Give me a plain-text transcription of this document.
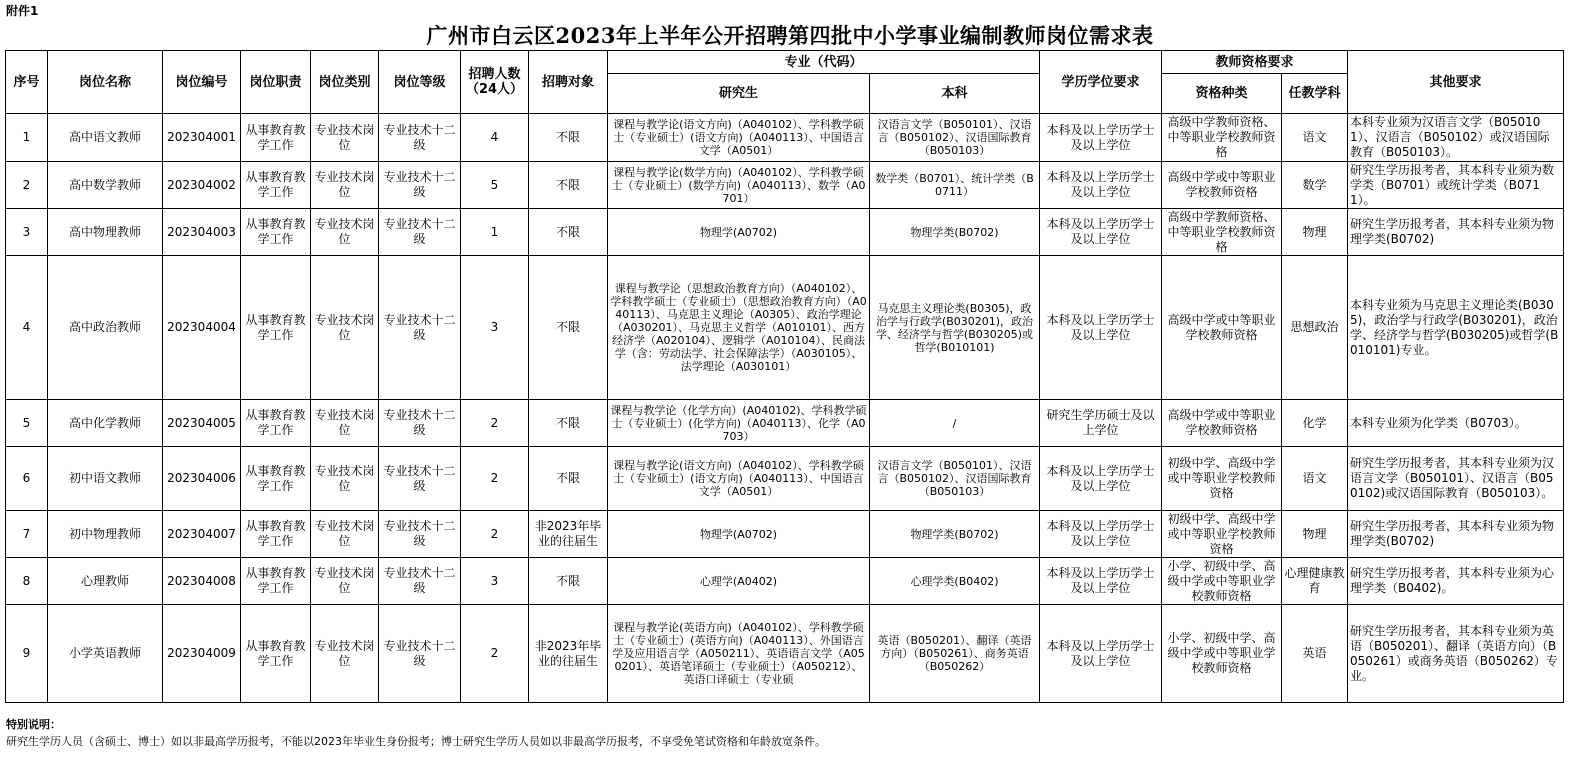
附件1
广州市白云区2023年上半年公开招聘第四批中小学事业编制教师岗位需求表
序号	岗位名称	岗位编号	岗位职责	岗位类别	岗位等级	招聘人数（24人）	招聘对象	专业（代码）		学历学位要求	教师资格要求		其他要求
								研究生	本科		资格种类	任教学科	
1	高中语文教师	202304001	从事教育教学工作	专业技术岗位	专业技术十二级	4	不限	课程与教学论(语文方向)（A040102）、学科教学硕士（专业硕士）(语文方向)（A040113）、中国语言文学（A0501）	汉语言文学（B050101）、汉语言（B050102）、汉语国际教育（B050103）	本科及以上学历学士及以上学位	高级中学教师资格、中等职业学校教师资格	语文	本科专业须为汉语言文学（B050101）、汉语言（B050102）或汉语国际教育（B050103）。
2	高中数学教师	202304002	从事教育教学工作	专业技术岗位	专业技术十二级	5	不限	课程与教学论(数学方向)（A040102）、学科教学硕士（专业硕士）(数学方向)（A040113）、数学（A0701）	数学类（B0701）、统计学类（B0711）	本科及以上学历学士及以上学位	高级中学或中等职业学校教师资格	数学	研究生学历报考者，其本科专业须为数学类（B0701）或统计学类（B0711）。
3	高中物理教师	202304003	从事教育教学工作	专业技术岗位	专业技术十二级	1	不限	物理学(A0702)	物理学类(B0702)	本科及以上学历学士及以上学位	高级中学教师资格、中等职业学校教师资格	物理	研究生学历报考者，其本科专业须为物理学类(B0702)
4	高中政治教师	202304004	从事教育教学工作	专业技术岗位	专业技术十二级	3	不限	课程与教学论（思想政治教育方向）（A040102）、学科教学硕士（专业硕士）（思想政治教育方向）（A040113）、马克思主义理论（A0305）、政治学理论（A030201）、马克思主义哲学（A010101）、西方经济学（A020104）、逻辑学（A010104）、民商法学（含：劳动法学、社会保障法学）（A030105）、法学理论（A030101）	马克思主义理论类(B0305)，政治学与行政学(B030201)，政治学、经济学与哲学(B030205)或哲学(B010101)	本科及以上学历学士及以上学位	高级中学或中等职业学校教师资格	思想政治	本科专业须为马克思主义理论类(B0305)，政治学与行政学(B030201)，政治学、经济学与哲学(B030205)或哲学(B010101)专业。
5	高中化学教师	202304005	从事教育教学工作	专业技术岗位	专业技术十二级	2	不限	课程与教学论（化学方向）(A040102)、学科教学硕士（专业硕士）(化学方向)（A040113）、化学（A0703）	/	研究生学历硕士及以上学位	高级中学或中等职业学校教师资格	化学	本科专业须为化学类（B0703）。
6	初中语文教师	202304006	从事教育教学工作	专业技术岗位	专业技术十二级	2	不限	课程与教学论(语文方向)（A040102）、学科教学硕士（专业硕士）(语文方向)（A040113）、中国语言文学（A0501）	汉语言文学（B050101）、汉语言（B050102）、汉语国际教育（B050103）	本科及以上学历学士及以上学位	初级中学、高级中学或中等职业学校教师资格	语文	研究生学历报考者，其本科专业须为汉语言文学（B050101）、汉语言（B050102)或汉语国际教育（B050103）。
7	初中物理教师	202304007	从事教育教学工作	专业技术岗位	专业技术十二级	2	非2023年毕业的往届生	物理学(A0702)	物理学类(B0702)	本科及以上学历学士及以上学位	初级中学、高级中学或中等职业学校教师资格	物理	研究生学历报考者，其本科专业须为物理学类(B0702)
8	心理教师	202304008	从事教育教学工作	专业技术岗位	专业技术十二级	3	不限	心理学(A0402)	心理学类(B0402)	本科及以上学历学士及以上学位	小学、初级中学、高级中学或中等职业学校教师资格	心理健康教育	研究生学历报考者，其本科专业须为心理学类（B0402)。
9	小学英语教师	202304009	从事教育教学工作	专业技术岗位	专业技术十二级	2	非2023年毕业的往届生	课程与教学论(英语方向)（A040102）、学科教学硕士（专业硕士）(英语方向)（A040113）、外国语言学及应用语言学（A050211）、英语语言文学（A050201）、英语笔译硕士（专业硕士）（A050212）、英语口译硕士（专业硕	英语（B050201）、翻译（英语方向）（B050261）、商务英语（B050262）	本科及以上学历学士及以上学位	小学、初级中学、高级中学或中等职业学校教师资格	英语	研究生学历报考者，其本科专业须为英语（B050201）、翻译（英语方向）（B050261）或商务英语（B050262）专业。
特别说明：
研究生学历人员（含硕士、博士）如以非最高学历报考，不能以2023年毕业生身份报考；博士研究生学历人员如以非最高学历报考，不享受免笔试资格和年龄放宽条件。
